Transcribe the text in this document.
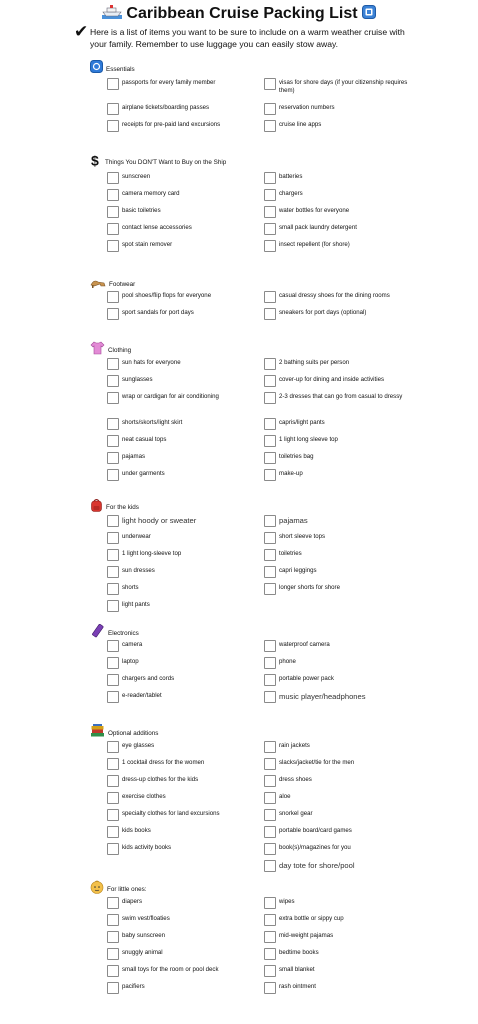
Caribbean Cruise Packing List
✔ Here is a list of items you want to be sure to include on a warm weather cruise with your family. Remember to use luggage you can easily stow away.
Essentials
passports for every family member
airplane tickets/boarding passes
receipts for pre-paid land excursions
visas for shore days (if your citizenship requires them)
reservation numbers
cruise line apps
$ Things You DON'T Want to Buy on the Ship
sunscreen
camera memory card
basic toiletries
contact lense accessories
spot stain remover
batteries
chargers
water bottles for everyone
small pack laundry detergent
insect repellent (for shore)
Footwear
pool shoes/flip flops for everyone
sport sandals for port days
casual dressy shoes for the dining rooms
sneakers for port days (optional)
Clothing
sun hats for everyone
sunglasses
wrap or cardigan for air conditioning
shorts/skorts/light skirt
neat casual tops
pajamas
under garments
2 bathing suits per person
cover-up for dining and inside activities
2-3 dresses that can go from casual to dressy
capris/light pants
1 light long sleeve top
toiletries bag
make-up
For the kids
light hoody or sweater
underwear
1 light long-sleeve top
sun dresses
shorts
light pants
pajamas
short sleeve tops
toiletries
capri leggings
longer shorts for shore
Electronics
camera
laptop
chargers and cords
e-reader/tablet
waterproof camera
phone
portable power pack
music player/headphones
Optional additions
eye glasses
1 cocktail dress for the women
dress-up clothes for the kids
exercise clothes
specialty clothes for land excursions
kids books
kids activity books
rain jackets
slacks/jacket/tie for the men
dress shoes
aloe
snorkel gear
portable board/card games
book(s)/magazines for you
day tote for shore/pool
For little ones:
diapers
swim vest/floaties
baby sunscreen
snuggly animal
small toys for the room or pool deck
pacifiers
wipes
extra bottle or sippy cup
mid-weight pajamas
bedtime books
small blanket
rash ointment
